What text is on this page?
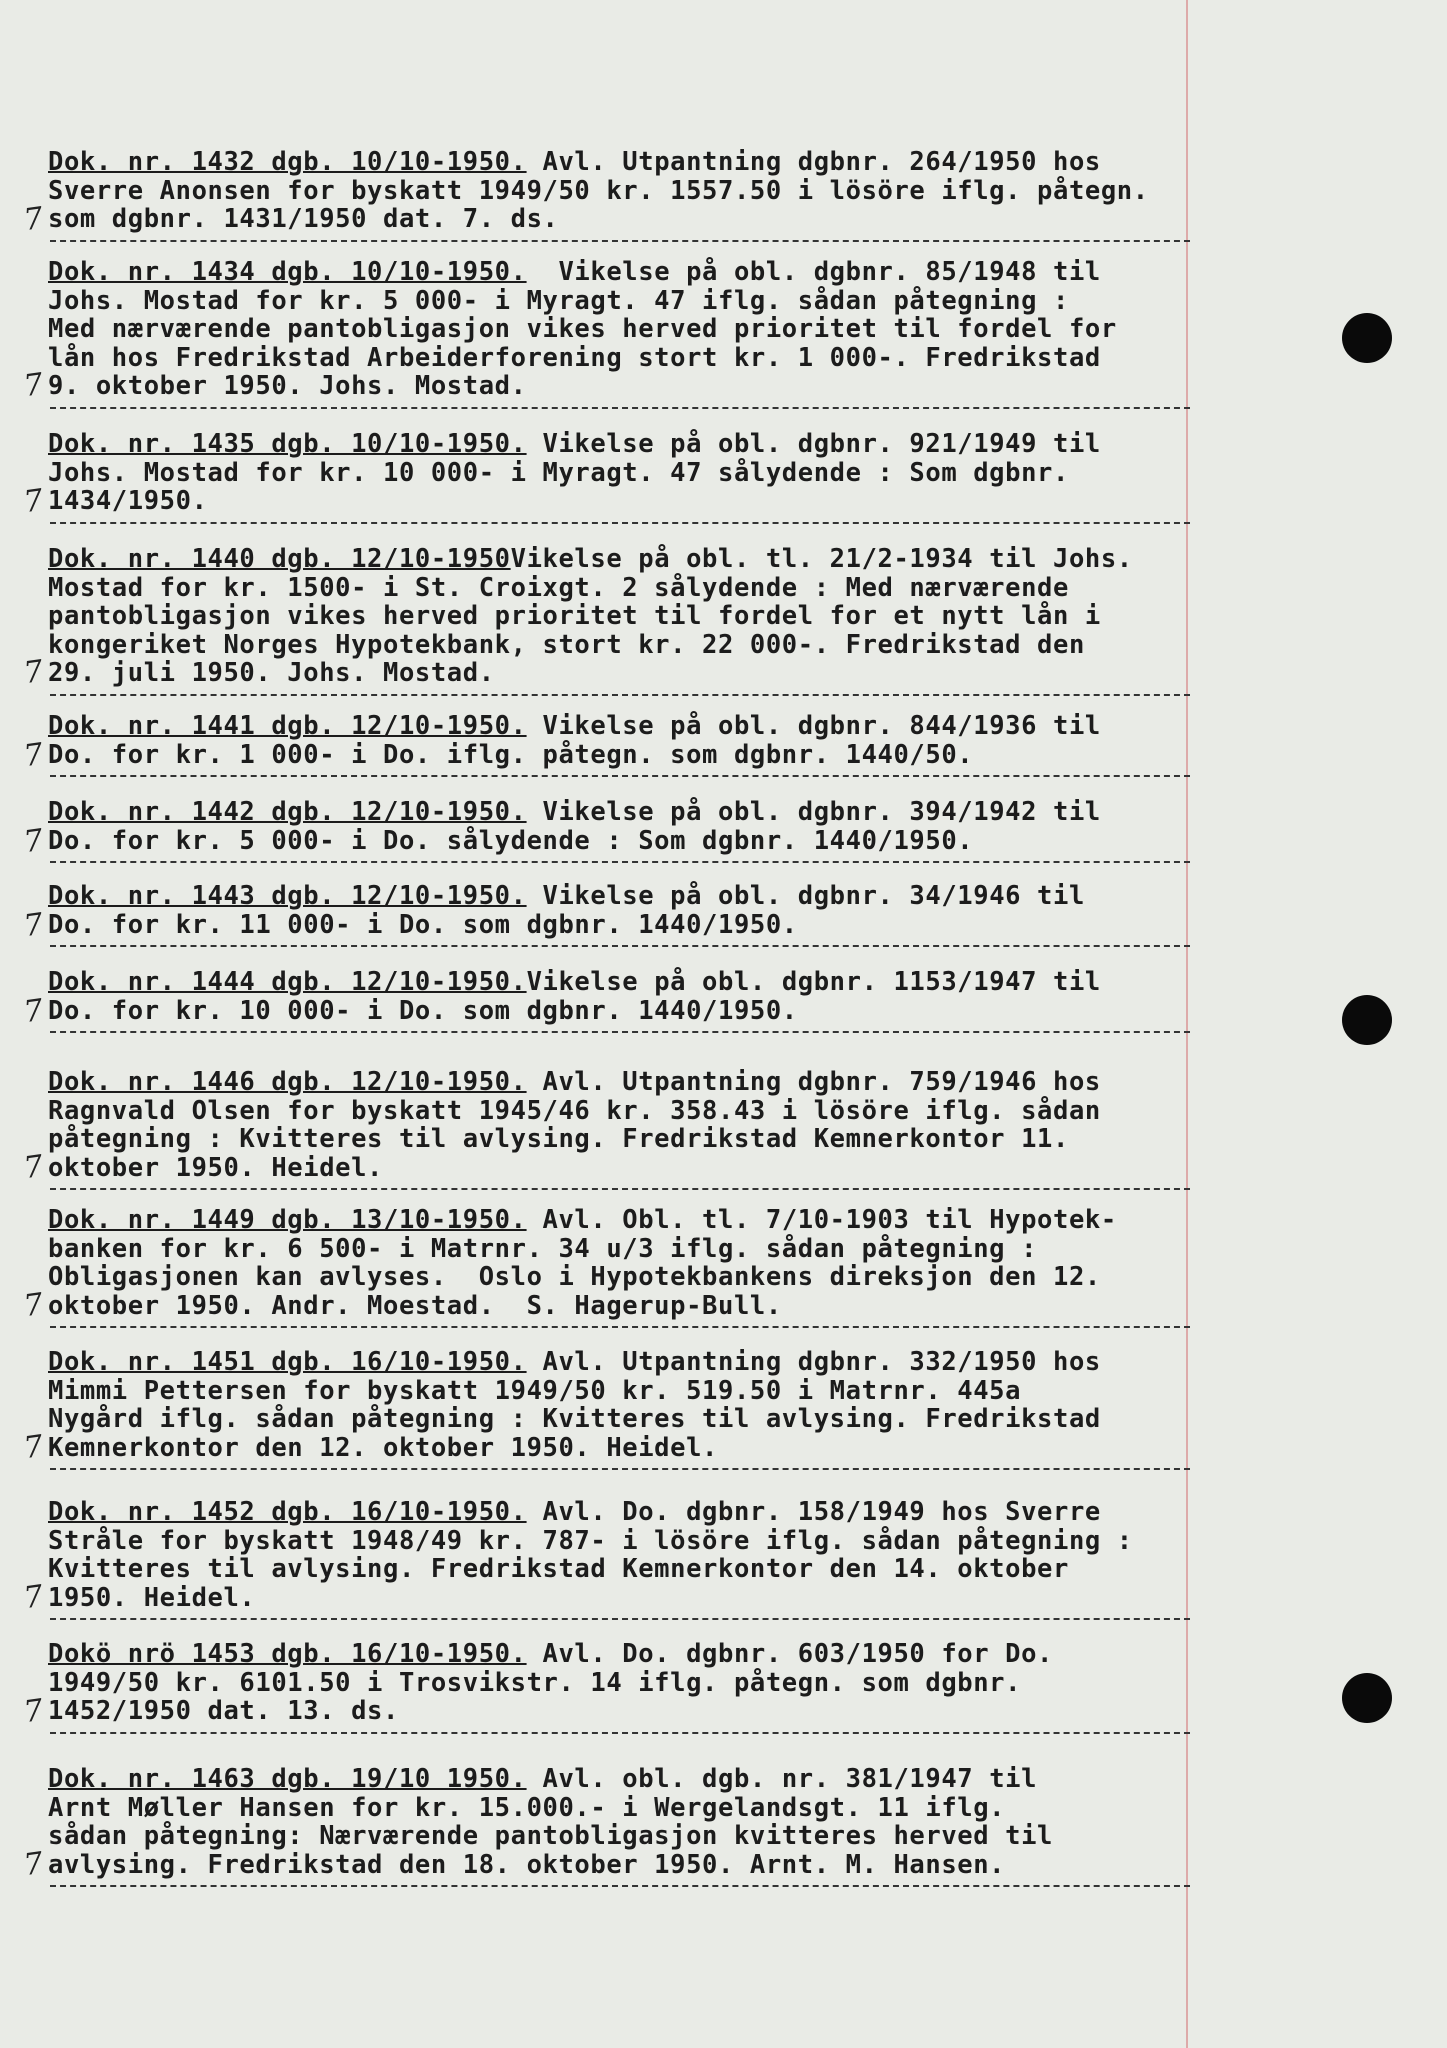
Dok. nr. 1432 dgb. 10/10-1950. Avl. Utpantning dgbnr. 264/1950 hos
Sverre Anonsen for byskatt 1949/50 kr. 1557.50 i lösöre iflg. påtegn.
som dgbnr. 1431/1950 dat. 7. ds.
7
Dok. nr. 1434 dgb. 10/10-1950.  Vikelse på obl. dgbnr. 85/1948 til
Johs. Mostad for kr. 5 000- i Myragt. 47 iflg. sådan påtegning :
Med nærværende pantobligasjon vikes herved prioritet til fordel for
lån hos Fredrikstad Arbeiderforening stort kr. 1 000-. Fredrikstad
9. oktober 1950. Johs. Mostad.
7
Dok. nr. 1435 dgb. 10/10-1950. Vikelse på obl. dgbnr. 921/1949 til
Johs. Mostad for kr. 10 000- i Myragt. 47 sålydende : Som dgbnr.
1434/1950.
7
Dok. nr. 1440 dgb. 12/10-1950Vikelse på obl. tl. 21/2-1934 til Johs.
Mostad for kr. 1500- i St. Croixgt. 2 sålydende : Med nærværende
pantobligasjon vikes herved prioritet til fordel for et nytt lån i
kongeriket Norges Hypotekbank, stort kr. 22 000-. Fredrikstad den
29. juli 1950. Johs. Mostad.
7
Dok. nr. 1441 dgb. 12/10-1950. Vikelse på obl. dgbnr. 844/1936 til
Do. for kr. 1 000- i Do. iflg. påtegn. som dgbnr. 1440/50.
7
Dok. nr. 1442 dgb. 12/10-1950. Vikelse på obl. dgbnr. 394/1942 til
Do. for kr. 5 000- i Do. sålydende : Som dgbnr. 1440/1950.
7
Dok. nr. 1443 dgb. 12/10-1950. Vikelse på obl. dgbnr. 34/1946 til
Do. for kr. 11 000- i Do. som dgbnr. 1440/1950.
7
Dok. nr. 1444 dgb. 12/10-1950.Vikelse på obl. dgbnr. 1153/1947 til
Do. for kr. 10 000- i Do. som dgbnr. 1440/1950.
7
Dok. nr. 1446 dgb. 12/10-1950. Avl. Utpantning dgbnr. 759/1946 hos
Ragnvald Olsen for byskatt 1945/46 kr. 358.43 i lösöre iflg. sådan
påtegning : Kvitteres til avlysing. Fredrikstad Kemnerkontor 11.
oktober 1950. Heidel.
7
Dok. nr. 1449 dgb. 13/10-1950. Avl. Obl. tl. 7/10-1903 til Hypotek-
banken for kr. 6 500- i Matrnr. 34 u/3 iflg. sådan påtegning :
Obligasjonen kan avlyses.  Oslo i Hypotekbankens direksjon den 12.
oktober 1950. Andr. Moestad.  S. Hagerup-Bull.
7
Dok. nr. 1451 dgb. 16/10-1950. Avl. Utpantning dgbnr. 332/1950 hos
Mimmi Pettersen for byskatt 1949/50 kr. 519.50 i Matrnr. 445a
Nygård iflg. sådan påtegning : Kvitteres til avlysing. Fredrikstad
Kemnerkontor den 12. oktober 1950. Heidel.
7
Dok. nr. 1452 dgb. 16/10-1950. Avl. Do. dgbnr. 158/1949 hos Sverre
Stråle for byskatt 1948/49 kr. 787- i lösöre iflg. sådan påtegning :
Kvitteres til avlysing. Fredrikstad Kemnerkontor den 14. oktober
1950. Heidel.
7
Dokö nrö 1453 dgb. 16/10-1950. Avl. Do. dgbnr. 603/1950 for Do.
1949/50 kr. 6101.50 i Trosvikstr. 14 iflg. påtegn. som dgbnr.
1452/1950 dat. 13. ds.
7
Dok. nr. 1463 dgb. 19/10 1950. Avl. obl. dgb. nr. 381/1947 til
Arnt Møller Hansen for kr. 15.000.- i Wergelandsgt. 11 iflg.
sådan påtegning: Nærværende pantobligasjon kvitteres herved til
avlysing. Fredrikstad den 18. oktober 1950. Arnt. M. Hansen.
7
